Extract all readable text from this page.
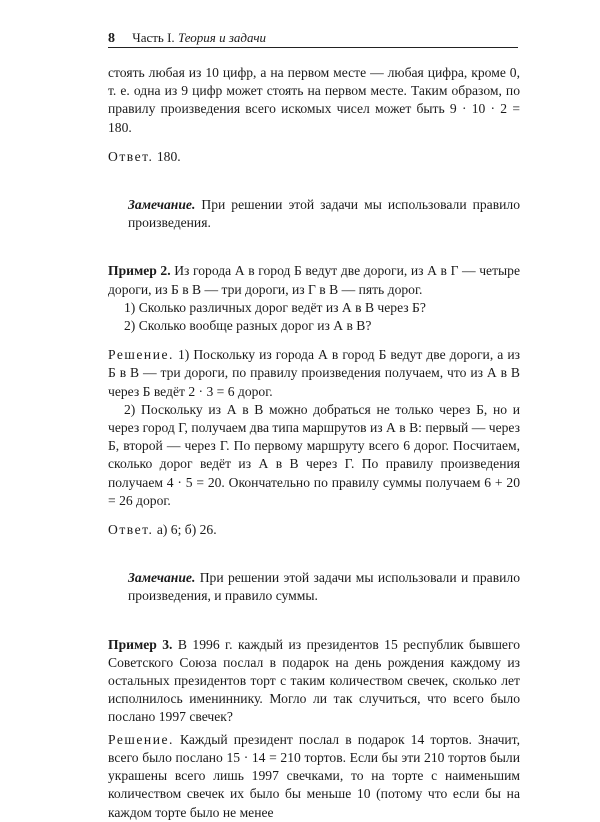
8 Часть I. Теория и задачи

стоять любая из 10 цифр, а на первом месте — любая цифра, кроме 0, т. е. одна из 9 цифр может стоять на первом месте. Таким образом, по правилу произведения всего искомых чисел может быть 9 · 10 · 2 = 180.

Ответ. 180.

Замечание. При решении этой задачи мы использовали правило произведения.

Пример 2. Из города А в город Б ведут две дороги, из А в Г — четыре дороги, из Б в В — три дороги, из Г в В — пять дорог.

1) Сколько различных дорог ведёт из А в В через Б?

2) Сколько вообще разных дорог из А в В?

Решение. 1) Поскольку из города А в город Б ведут две дороги, а из Б в В — три дороги, по правилу произведения получаем, что из А в В через Б ведёт 2 · 3 = 6 дорог.

2) Поскольку из А в В можно добраться не только через Б, но и через город Г, получаем два типа маршрутов из А в В: первый — через Б, второй — через Г. По первому маршруту всего 6 дорог. Посчитаем, сколько дорог ведёт из А в В через Г. По правилу произведения получаем 4 · 5 = 20. Окончательно по правилу суммы получаем 6 + 20 = 26 дорог.

Ответ. а) 6; б) 26.

Замечание. При решении этой задачи мы использовали и правило произведения, и правило суммы.

Пример 3. В 1996 г. каждый из президентов 15 республик бывшего Советского Союза послал в подарок на день рождения каждому из остальных президентов торт с таким количеством свечек, сколько лет исполнилось имениннику. Могло ли так случиться, что всего было послано 1997 свечек?

Решение. Каждый президент послал в подарок 14 тортов. Значит, всего было послано 15 · 14 = 210 тортов. Если бы эти 210 тортов были украшены всего лишь 1997 свечками, то на торте с наименьшим количеством свечек их было бы меньше 10 (потому что если бы на каждом торте было не менее
